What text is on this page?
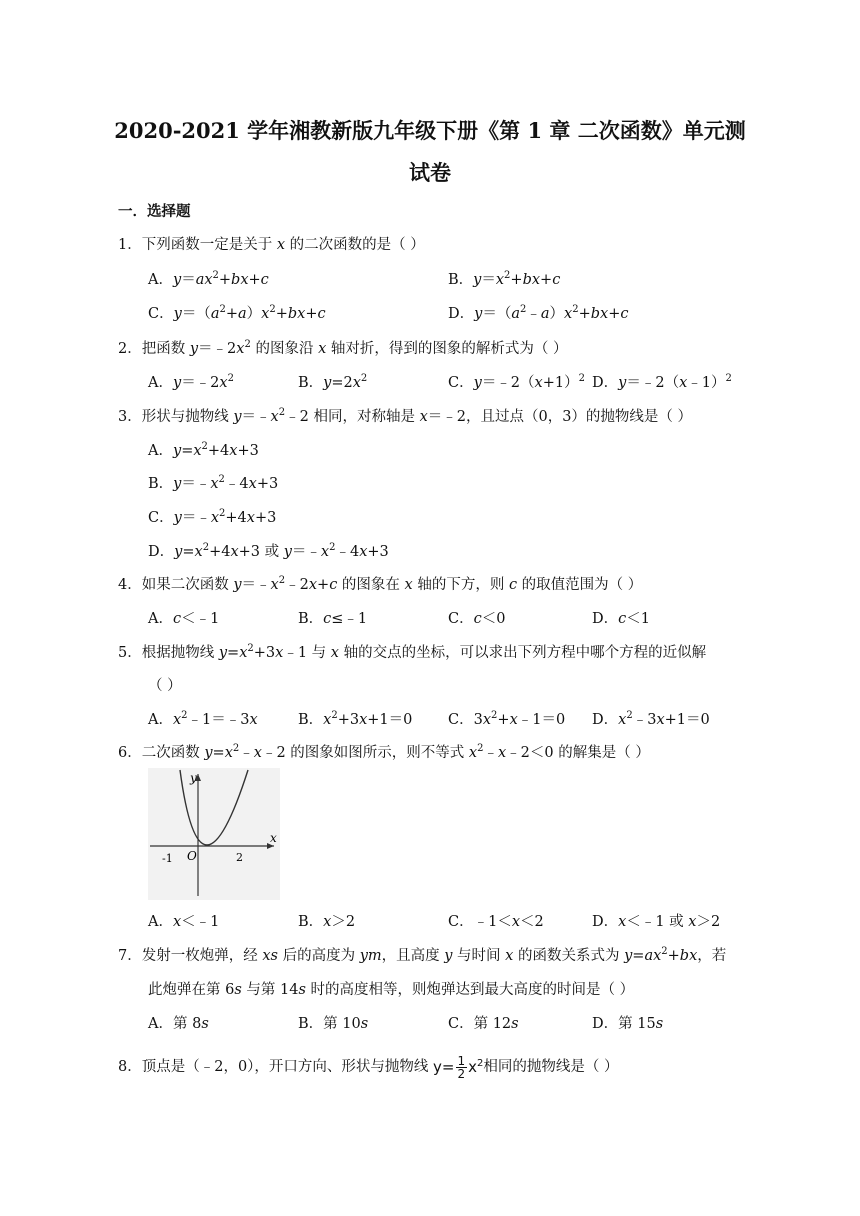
2020-2021 学年湘教新版九年级下册《第 1 章 二次函数》单元测
试卷
一．选择题
1．下列函数一定是关于 x 的二次函数的是（ ）
A．$y=ax^2+bx+c$	B．$y=x^2+bx+c$
C．$y=(a^2+a)x^2+bx+c$	D．$y=(a^2﹣a)x^2+bx+c$
2．把函数 $y=﹣2x^2$ 的图象沿 x 轴对折，得到的图象的解析式为（ ）
A．$y=﹣2x^2$	B．$y=2x^2$	C．$y=﹣2(x+1)^2$ D．y＝﹣2（x﹣1）$^2$
3．形状与抛物线 $y=﹣x^2﹣2$ 相同，对称轴是 x＝﹣2，且过点（0，3）的抛物线是（ ）
A．$y=x^2+4x+3$
B．$y=﹣x^2﹣4x+3$
C．$y=﹣x^2+4x+3$
D．$y=x^2+4x+3$ 或 $y=﹣x^2﹣4x+3$
4．如果二次函数 $y=﹣x^2﹣2x+c$ 的图象在 x 轴的下方，则 c 的取值范围为（ ）
A．c＜﹣1	B．c≤﹣1	C．c＜0	D．c＜1
5．根据抛物线 $y=x^2+3x﹣1$ 与 x 轴的交点的坐标，可以求出下列方程中哪个方程的近似解
（ ）
A．$x^2﹣1=﹣3x$	B．$x^2+3x+1=0$ C．$3x^2+x﹣1=0$ D．$x^2﹣3x+1=0$
6．二次函数 $y=x^2﹣x﹣2$ 的图象如图所示，则不等式 $x^2﹣x﹣2<0$ 的解集是（ ）
y
x
O
-1	2
A．x＜﹣1	B．x＞2	C．﹣1＜x＜2	D．x＜﹣1 或 x＞2
7．发射一枚炮弹，经 xs 后的高度为 ym，且高度 y 与时间 x 的函数关系式为 $y=ax^2+bx$，若
此炮弹在第 6s 与第 14s 时的高度相等，则炮弹达到最大高度的时间是（ ）
A．第 8s	B．第 10s	C．第 12s	D．第 15s
8．顶点是（﹣2，0），开口方向、形状与抛物线 $y= \frac{1}{2} x^2$相同的抛物线是（ ）
